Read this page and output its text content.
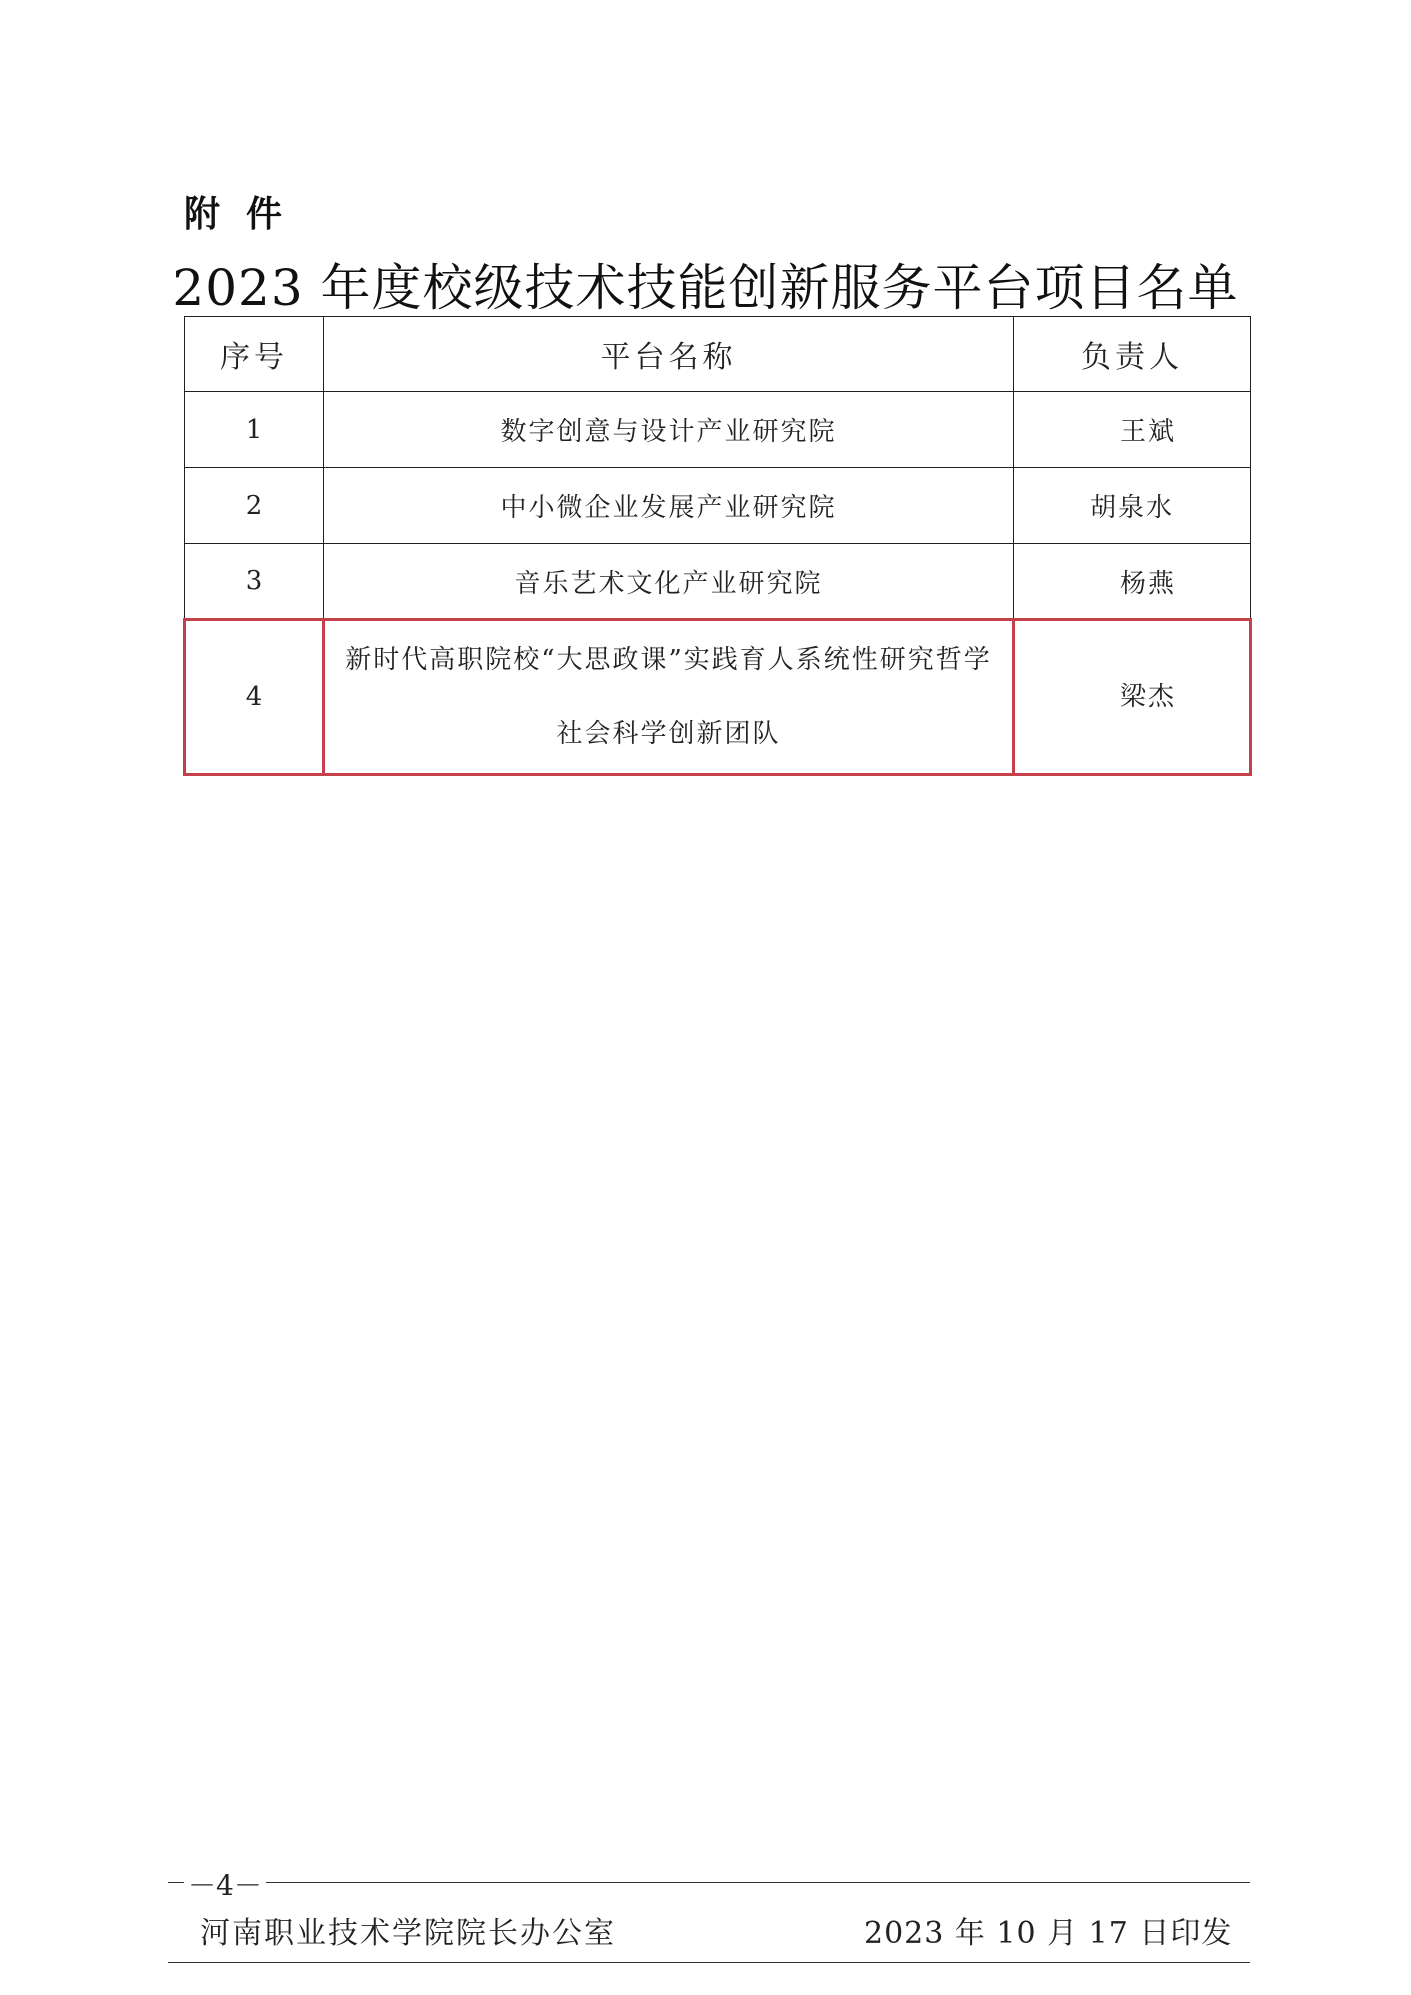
附件
2023 年度校级技术技能创新服务平台项目名单
序号	平台名称	负责人
1	数字创意与设计产业研究院	王斌
2	中小微企业发展产业研究院	胡泉水
3	音乐艺术文化产业研究院	杨燕
4	新时代高职院校“大思政课”实践育人系统性研究哲学社会科学创新团队	梁杰
－4－
河南职业技术学院院长办公室	2023 年 10 月 17 日印发
